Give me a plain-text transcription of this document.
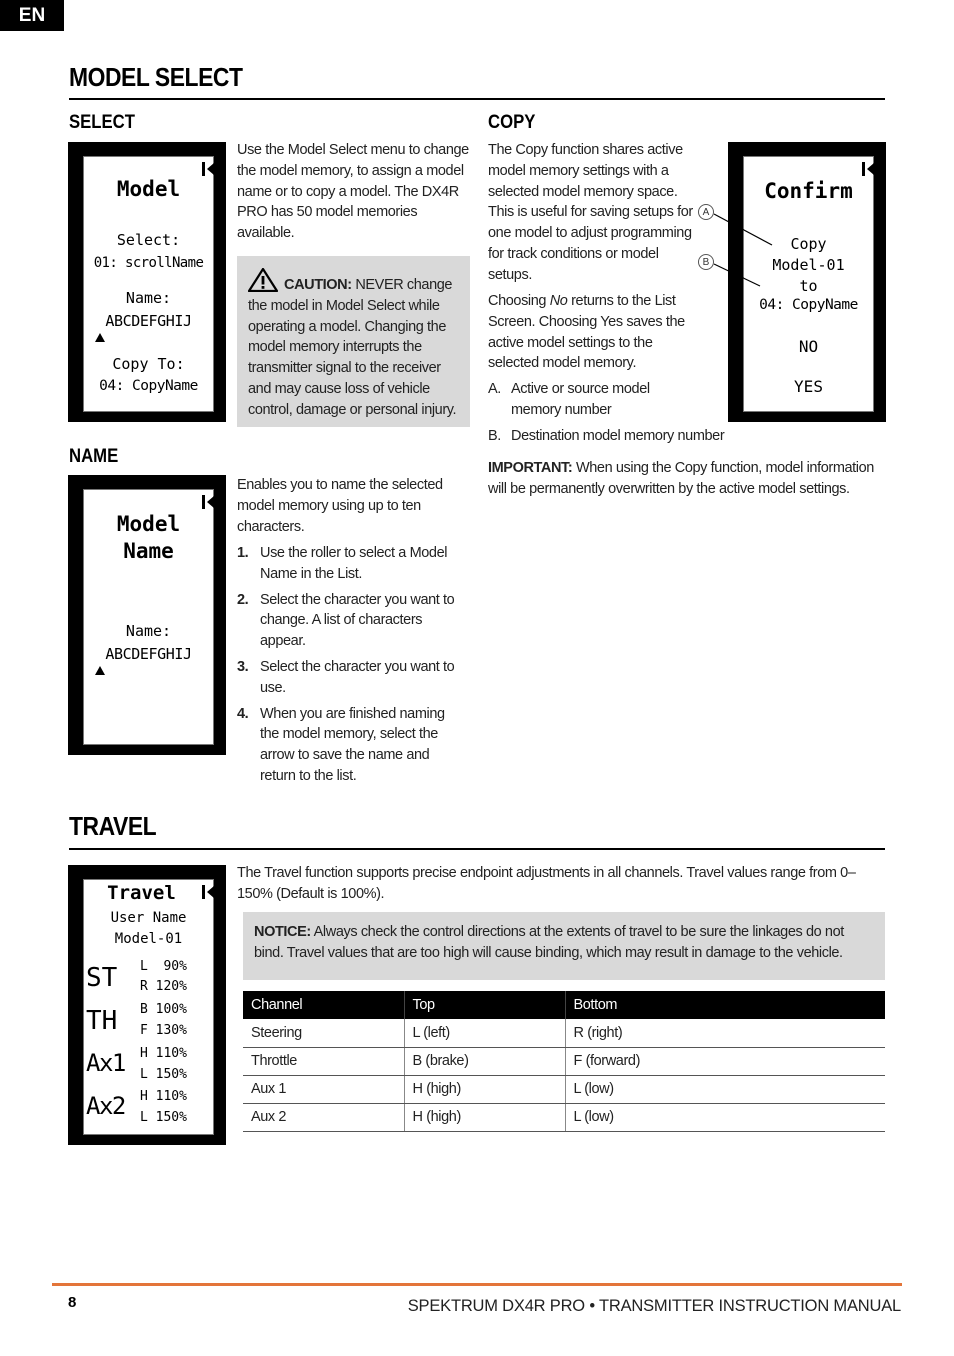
EN
MODEL SELECT
SELECT
Model
Select:
01: scrollName
Name:
ABCDEFGHIJ
Copy To:
04: CopyName
Use the Model Select menu to change the model memory, to assign a model name or to copy a model. The DX4R PRO has 50 model memories available.
CAUTION: NEVER change the model in Model Select while operating a model. Changing the model memory interrupts the transmitter signal to the receiver and may cause loss of vehicle control, damage or personal injury.
NAME
Model
Name
Name:
ABCDEFGHIJ
Enables you to name the selected model memory using up to ten characters.
1. Use the roller to select a Model Name in the List.
2. Select the character you want to change. A list of characters appear.
3. Select the character you want to use.
4. When you are finished naming the model memory, select the arrow to save the name and return to the list.
COPY
The Copy function shares active model memory settings with a selected model memory space. This is useful for saving setups for one model to adjust programming for track conditions or model setups.
Choosing No returns to the List Screen. Choosing Yes saves the active model settings to the selected model memory.
A. Active or source model memory number
B. Destination model memory number
IMPORTANT: When using the Copy function, model information will be permanently overwritten by the active model settings.
Confirm
Copy
Model-01
to
04: CopyName
NO
YES
A
B
TRAVEL
Travel
User Name
Model-01
ST L  90%
R 120%
TH B 100%
F 130%
Ax1 H 110%
L 150%
Ax2 H 110%
L 150%
The Travel function supports precise endpoint adjustments in all channels. Travel values range from 0–150% (Default is 100%).
NOTICE: Always check the control directions at the extents of travel to be sure the linkages do not bind. Travel values that are too high will cause binding, which may result in damage to the vehicle.
Channel	Top	Bottom
Steering	L (left)	R (right)
Throttle	B (brake)	F (forward)
Aux 1	H (high)	L (low)
Aux 2	H (high)	L (low)
8	SPEKTRUM DX4R PRO • TRANSMITTER INSTRUCTION MANUAL
